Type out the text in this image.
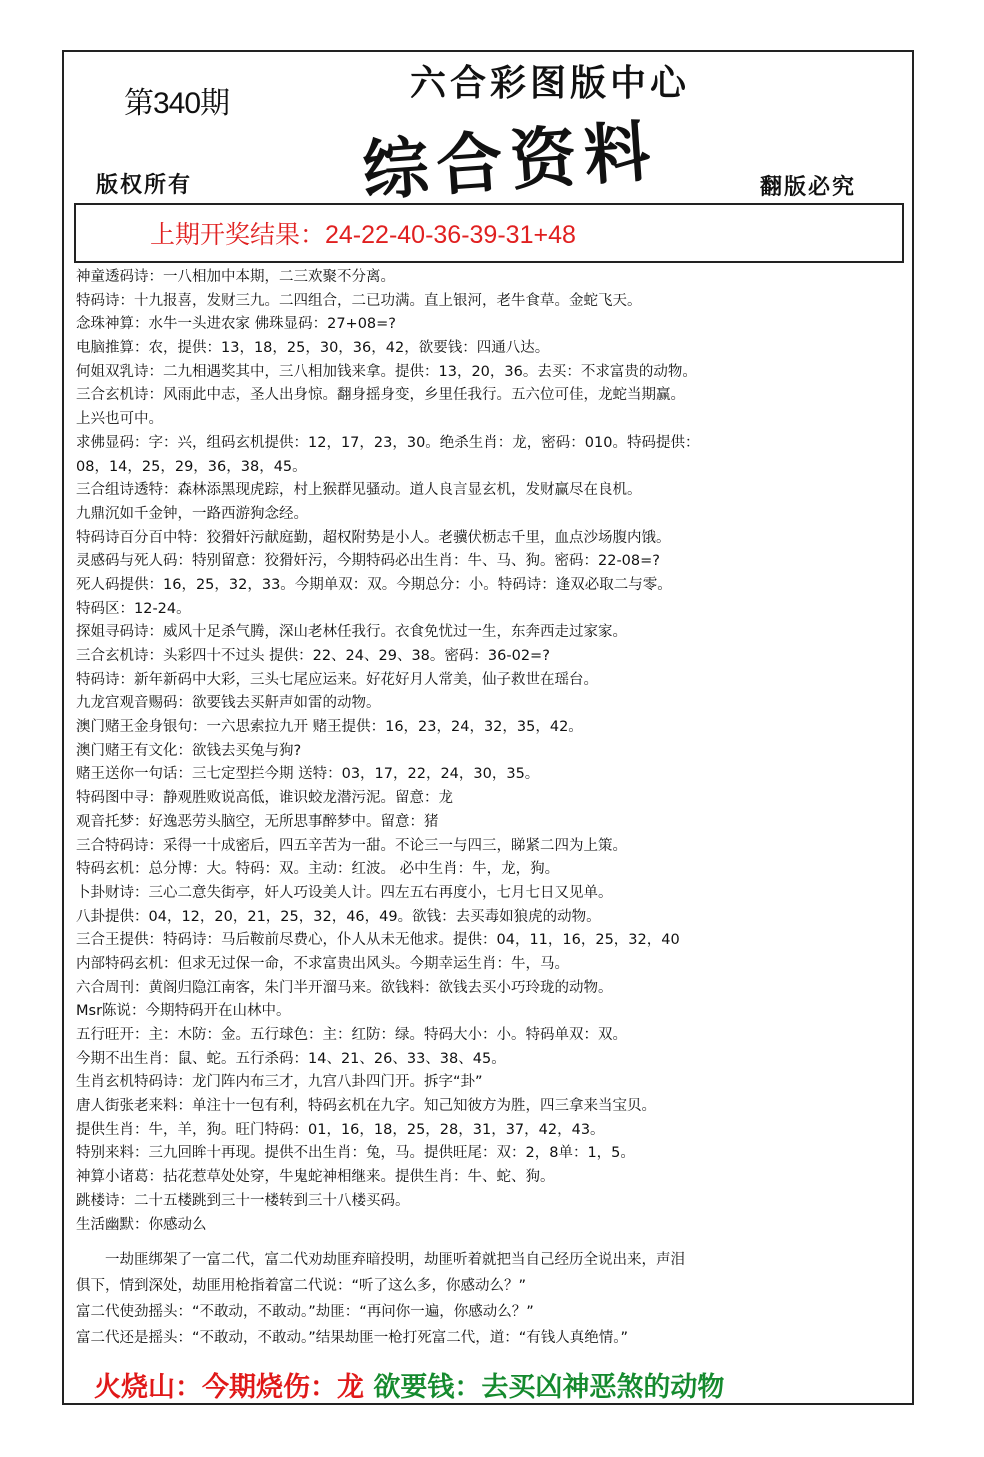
第340期	六合彩图版中心
综合资料
版权所有	翻版必究
上期开奖结果：24-22-40-36-39-31+48
神童透码诗：一八相加中本期，二三欢聚不分离。
特码诗：十九报喜，发财三九。二四组合，二已功满。直上银河，老牛食草。金蛇飞天。
念珠神算：水牛一头进农家 佛珠显码：27+08=?
电脑推算：农，提供：13，18，25，30，36，42，欲要钱：四通八达。
何姐双乳诗：二九相遇奖其中，三八相加钱来拿。提供：13，20，36。去买：不求富贵的动物。
三合玄机诗：风雨此中志，圣人出身惊。翻身摇身变，乡里任我行。五六位可佳，龙蛇当期赢。
上兴也可中。
求佛显码：字：兴，组码玄机提供：12，17，23，30。绝杀生肖：龙，密码：010。特码提供：
08，14，25，29，36，38，45。
三合组诗透特：森林添黑现虎踪，村上猴群见骚动。道人良言显玄机，发财赢尽在良机。
九鼎沉如千金钟，一路西游狗念经。
特码诗百分百中特：狡猾奸污献庭勤，超权附势是小人。老骥伏枥志千里，血点沙场腹内饿。
灵感码与死人码：特别留意：狡猾奸污，今期特码必出生肖：牛、马、狗。密码：22-08=?
死人码提供：16，25，32，33。今期单双：双。今期总分：小。特码诗：逢双必取二与零。
特码区：12-24。
探姐寻码诗：威风十足杀气腾，深山老林任我行。衣食免忧过一生，东奔西走过家家。
三合玄机诗：头彩四十不过头 提供：22、24、29、38。密码：36-02=?
特码诗：新年新码中大彩，三头七尾应运来。好花好月人常美，仙子救世在瑶台。
九龙宫观音赐码：欲要钱去买鼾声如雷的动物。
澳门赌王金身银句：一六思索拉九开 赌王提供：16，23，24，32，35，42。
澳门赌王有文化：欲钱去买兔与狗?
赌王送你一句话：三七定型拦今期 送特：03，17，22，24，30，35。
特码图中寻：静观胜败说高低，谁识蛟龙潜污泥。留意：龙
观音托梦：好逸恶劳头脑空，无所思事醉梦中。留意：猪
三合特码诗：采得一十成密后，四五辛苦为一甜。不论三一与四三，睇紧二四为上策。
特码玄机：总分博：大。特码：双。主动：红波。 必中生肖：牛，龙，狗。
卜卦财诗：三心二意失街亭，奸人巧设美人计。四左五右再度小，七月七日又见单。
八卦提供：04，12，20，21，25，32，46，49。欲钱：去买毒如狼虎的动物。
三合王提供：特码诗：马后鞍前尽费心，仆人从未无他求。提供：04，11，16，25，32，40
内部特码玄机：但求无过保一命，不求富贵出风头。今期幸运生肖：牛，马。
六合周刊：黄阁归隐江南客，朱门半开溜马来。欲钱料：欲钱去买小巧玲珑的动物。
Msr陈说：今期特码开在山林中。
五行旺开：主：木防：金。五行球色：主：红防：绿。特码大小：小。特码单双：双。
今期不出生肖：鼠、蛇。五行杀码：14、21、26、33、38、45。
生肖玄机特码诗：龙门阵内布三才，九宫八卦四门开。拆字“卦”
唐人街张老来料：单注十一包有利，特码玄机在九字。知己知彼方为胜，四三拿来当宝贝。
提供生肖：牛，羊，狗。旺门特码：01，16，18，25，28，31，37，42，43。
特别来料：三九回眸十再现。提供不出生肖：兔，马。提供旺尾：双：2，8单：1，5。
神算小诸葛：拈花惹草处处穿，牛鬼蛇神相继来。提供生肖：牛、蛇、狗。
跳楼诗：二十五楼跳到三十一楼转到三十八楼买码。
生活幽默：你感动么
　　一劫匪绑架了一富二代，富二代劝劫匪弃暗投明，劫匪听着就把当自己经历全说出来，声泪
俱下，情到深处，劫匪用枪指着富二代说：“听了这么多，你感动么？”
富二代使劲摇头：“不敢动，不敢动。”劫匪：“再问你一遍，你感动么？”
富二代还是摇头：“不敢动，不敢动。”结果劫匪一枪打死富二代，道：“有钱人真绝情。”
火烧山：今期烧伤：龙 欲要钱：去买凶神恶煞的动物
